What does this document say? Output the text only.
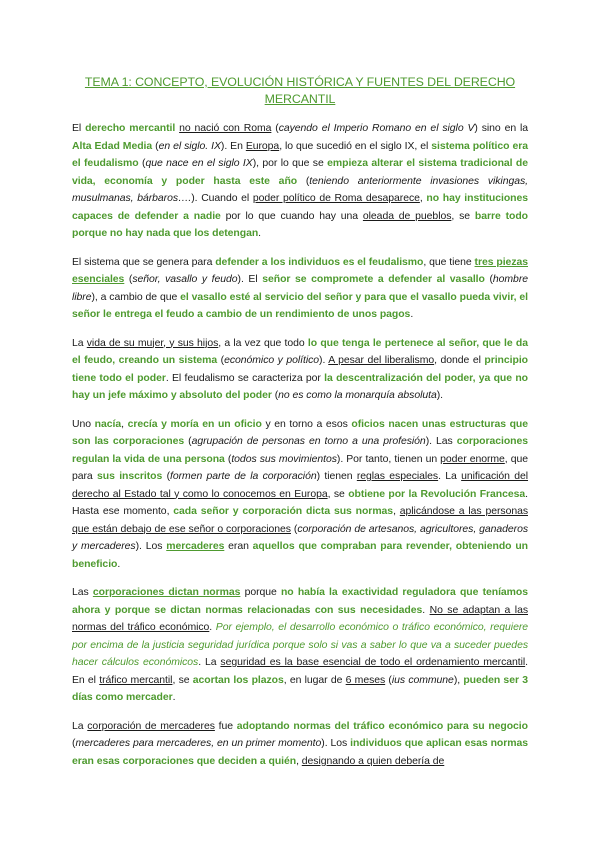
TEMA 1: CONCEPTO, EVOLUCIÓN HISTÓRICA Y FUENTES DEL DERECHO MERCANTIL

El derecho mercantil no nació con Roma (cayendo el Imperio Romano en el siglo V) sino en la Alta Edad Media (en el siglo. IX). En Europa, lo que sucedió en el siglo IX, el sistema político era el feudalismo (que nace en el siglo IX), por lo que se empieza alterar el sistema tradicional de vida, economía y poder hasta este año (teniendo anteriormente invasiones vikingas, musulmanas, bárbaros….). Cuando el poder político de Roma desaparece, no hay instituciones capaces de defender a nadie por lo que cuando hay una oleada de pueblos, se barre todo porque no hay nada que los detengan.

El sistema que se genera para defender a los individuos es el feudalismo, que tiene tres piezas esenciales (señor, vasallo y feudo). El señor se compromete a defender al vasallo (hombre libre), a cambio de que el vasallo esté al servicio del señor y para que el vasallo pueda vivir, el señor le entrega el feudo a cambio de un rendimiento de unos pagos.

La vida de su mujer, y sus hijos, a la vez que todo lo que tenga le pertenece al señor, que le da el feudo, creando un sistema (económico y político). A pesar del liberalismo, donde el principio tiene todo el poder. El feudalismo se caracteriza por la descentralización del poder, ya que no hay un jefe máximo y absoluto del poder (no es como la monarquía absoluta).

Uno nacía, crecía y moría en un oficio y en torno a esos oficios nacen unas estructuras que son las corporaciones (agrupación de personas en torno a una profesión). Las corporaciones regulan la vida de una persona (todos sus movimientos). Por tanto, tienen un poder enorme, que para sus inscritos (formen parte de la corporación) tienen reglas especiales. La unificación del derecho al Estado tal y como lo conocemos en Europa, se obtiene por la Revolución Francesa. Hasta ese momento, cada señor y corporación dicta sus normas, aplicándose a las personas que están debajo de ese señor o corporaciones (corporación de artesanos, agricultores, ganaderos y mercaderes). Los mercaderes eran aquellos que compraban para revender, obteniendo un beneficio.

Las corporaciones dictan normas porque no había la exactividad reguladora que teníamos ahora y porque se dictan normas relacionadas con sus necesidades. No se adaptan a las normas del tráfico económico. Por ejemplo, el desarrollo económico o tráfico económico, requiere por encima de la justicia seguridad jurídica porque solo si vas a saber lo que va a suceder puedes hacer cálculos económicos. La seguridad es la base esencial de todo el ordenamiento mercantil. En el tráfico mercantil, se acortan los plazos, en lugar de 6 meses (ius commune), pueden ser 3 días como mercader.

La corporación de mercaderes fue adoptando normas del tráfico económico para su negocio (mercaderes para mercaderes, en un primer momento). Los individuos que aplican esas normas eran esas corporaciones que deciden a quién, designando a quien debería de
